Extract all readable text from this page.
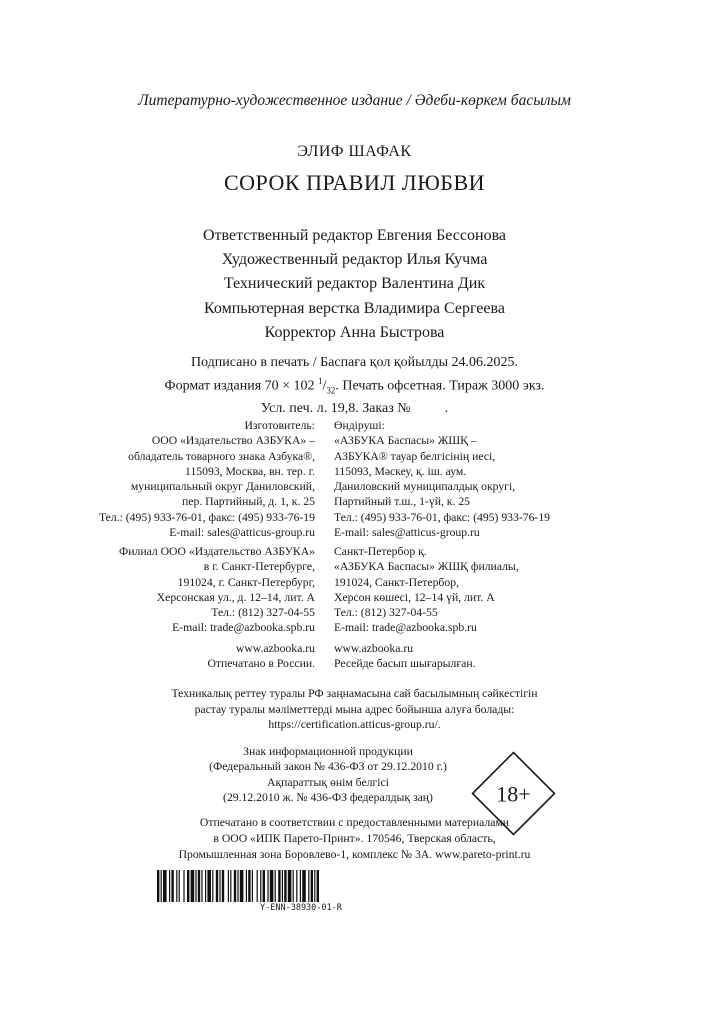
Литературно-художественное издание / Әдеби-көркем басылым
ЭЛИФ ШАФАК
СОРОК ПРАВИЛ ЛЮБВИ
Ответственный редактор Евгения Бессонова
Художественный редактор Илья Кучма
Технический редактор Валентина Дик
Компьютерная верстка Владимира Сергеева
Корректор Анна Быстрова
Подписано в печать / Баспаға қол қойылды 24.06.2025.
Формат издания 70 × 102 $^1/_{32}$. Печать офсетная. Тираж 3000 экз.
Усл. печ. л. 19,8. Заказ № .
Изготовитель:
ООО «Издательство АЗБУКА» –
обладатель товарного знака Азбука®,
115093, Москва, вн. тер. г.
муниципальный округ Даниловский,
пер. Партийный, д. 1, к. 25
Тел.: (495) 933-76-01, факс: (495) 933-76-19
E-mail: sales@atticus-group.ru
Өндіруші:
«АЗБУКА Баспасы» ЖШҚ –
АЗБУКА® тауар белгісінің иесі,
115093, Мәскеу, қ. іш. аум.
Даниловский муниципалдық округі,
Партийный т.ш., 1-үй, к. 25
Тел.: (495) 933-76-01, факс: (495) 933-76-19
E-mail: sales@atticus-group.ru
Филиал ООО «Издательство АЗБУКА»
в г. Санкт-Петербурге,
191024, г. Санкт-Петербург,
Херсонская ул., д. 12–14, лит. А
Тел.: (812) 327-04-55
E-mail: trade@azbooka.spb.ru
Санкт-Петербор қ.
«АЗБУКА Баспасы» ЖШҚ филиалы,
191024, Санкт-Петербор,
Херсон көшесі, 12–14 үй, лит. А
Тел.: (812) 327-04-55
E-mail: trade@azbooka.spb.ru
www.azbooka.ru
Отпечатано в России.
www.azbooka.ru
Ресейде басып шығарылған.
Техникалық реттеу туралы РФ заңнамасына сай басылымның сәйкестігін
растау туралы мәліметтерді мына адрес бойынша алуға болады:
https://certification.atticus-group.ru/.
Знак информационной продукции
(Федеральный закон № 436-ФЗ от 29.12.2010 г.)
Ақпараттық өнім белгісі
(29.12.2010 ж. № 436-ФЗ федералдық заң)	18+
Отпечатано в соответствии с предоставленными материалами
в ООО «ИПК Парето-Принт». 170546, Тверская область,
Промышленная зона Боровлево-1, комплекс № 3А. www.pareto-print.ru
Y-ENN-38930-01-R
